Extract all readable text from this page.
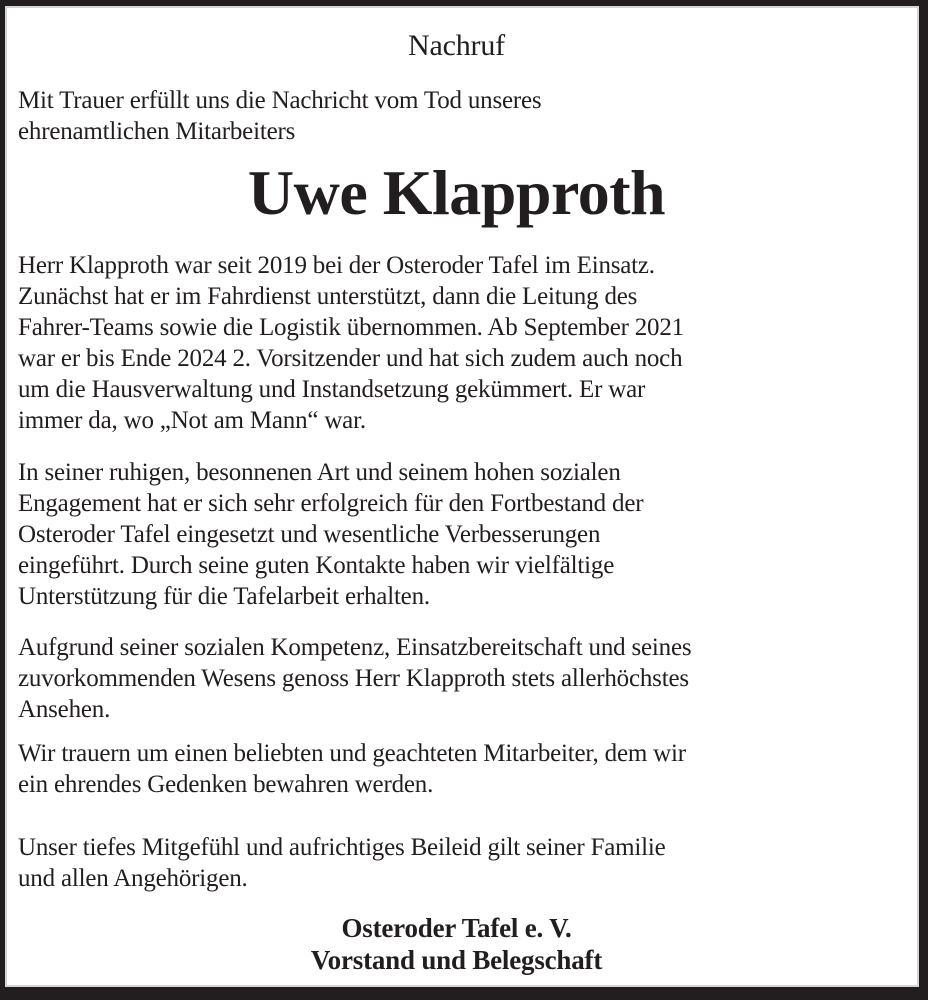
Nachruf
Mit Trauer erfüllt uns die Nachricht vom Tod unseres
ehrenamtlichen Mitarbeiters
Uwe Klapproth

Herr Klapproth war seit 2019 bei der Osteroder Tafel im Einsatz.
Zunächst hat er im Fahrdienst unterstützt, dann die Leitung des
Fahrer-Teams sowie die Logistik übernommen. Ab September 2021
war er bis Ende 2024 2. Vorsitzender und hat sich zudem auch noch
um die Hausverwaltung und Instandsetzung gekümmert. Er war
immer da, wo „Not am Mann“ war.

In seiner ruhigen, besonnenen Art und seinem hohen sozialen
Engagement hat er sich sehr erfolgreich für den Fortbestand der
Osteroder Tafel eingesetzt und wesentliche Verbesserungen
eingeführt. Durch seine guten Kontakte haben wir vielfältige
Unterstützung für die Tafelarbeit erhalten.

Aufgrund seiner sozialen Kompetenz, Einsatzbereitschaft und seines
zuvorkommenden Wesens genoss Herr Klapproth stets allerhöchstes
Ansehen.

Wir trauern um einen beliebten und geachteten Mitarbeiter, dem wir
ein ehrendes Gedenken bewahren werden.

Unser tiefes Mitgefühl und aufrichtiges Beileid gilt seiner Familie
und allen Angehörigen.

Osteroder Tafel e. V.
Vorstand und Belegschaft
